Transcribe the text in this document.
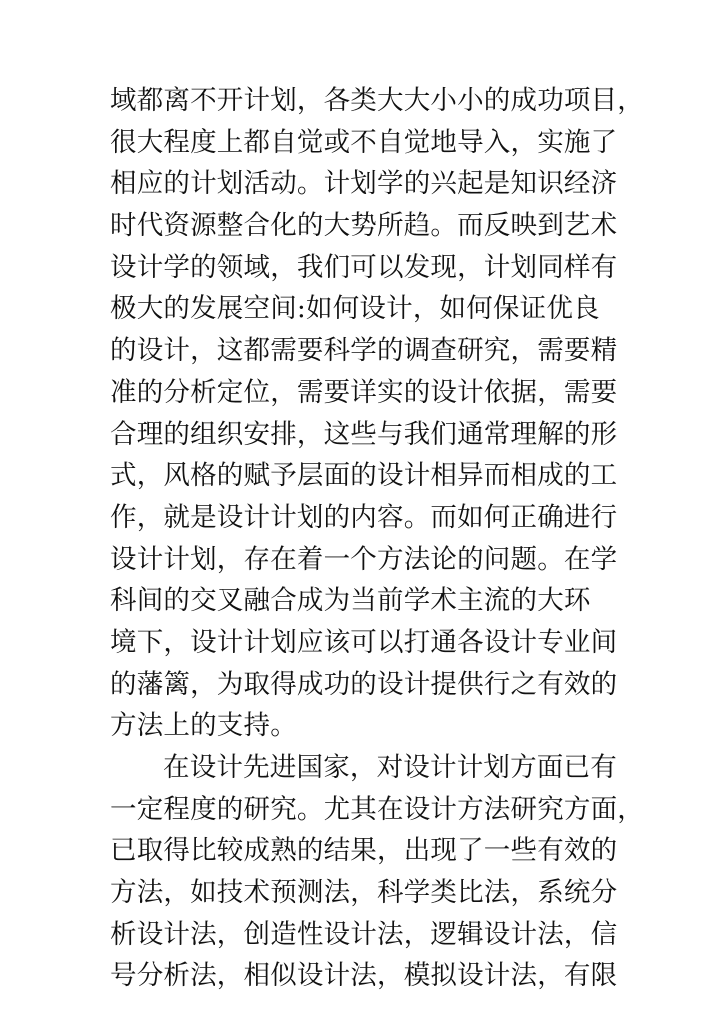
域都离不开计划，各类大大小小的成功项目，
很大程度上都自觉或不自觉地导入，实施了
相应的计划活动。计划学的兴起是知识经济
时代资源整合化的大势所趋。而反映到艺术
设计学的领域，我们可以发现，计划同样有
极大的发展空间:如何设计，如何保证优良
的设计，这都需要科学的调查研究，需要精
准的分析定位，需要详实的设计依据，需要
合理的组织安排，这些与我们通常理解的形
式，风格的赋予层面的设计相异而相成的工
作，就是设计计划的内容。而如何正确进行
设计计划，存在着一个方法论的问题。在学
科间的交叉融合成为当前学术主流的大环
境下，设计计划应该可以打通各设计专业间
的藩篱，为取得成功的设计提供行之有效的
方法上的支持。
在设计先进国家，对设计计划方面已有
一定程度的研究。尤其在设计方法研究方面，
已取得比较成熟的结果，出现了一些有效的
方法，如技术预测法，科学类比法，系统分
析设计法，创造性设计法，逻辑设计法，信
号分析法，相似设计法，模拟设计法，有限
